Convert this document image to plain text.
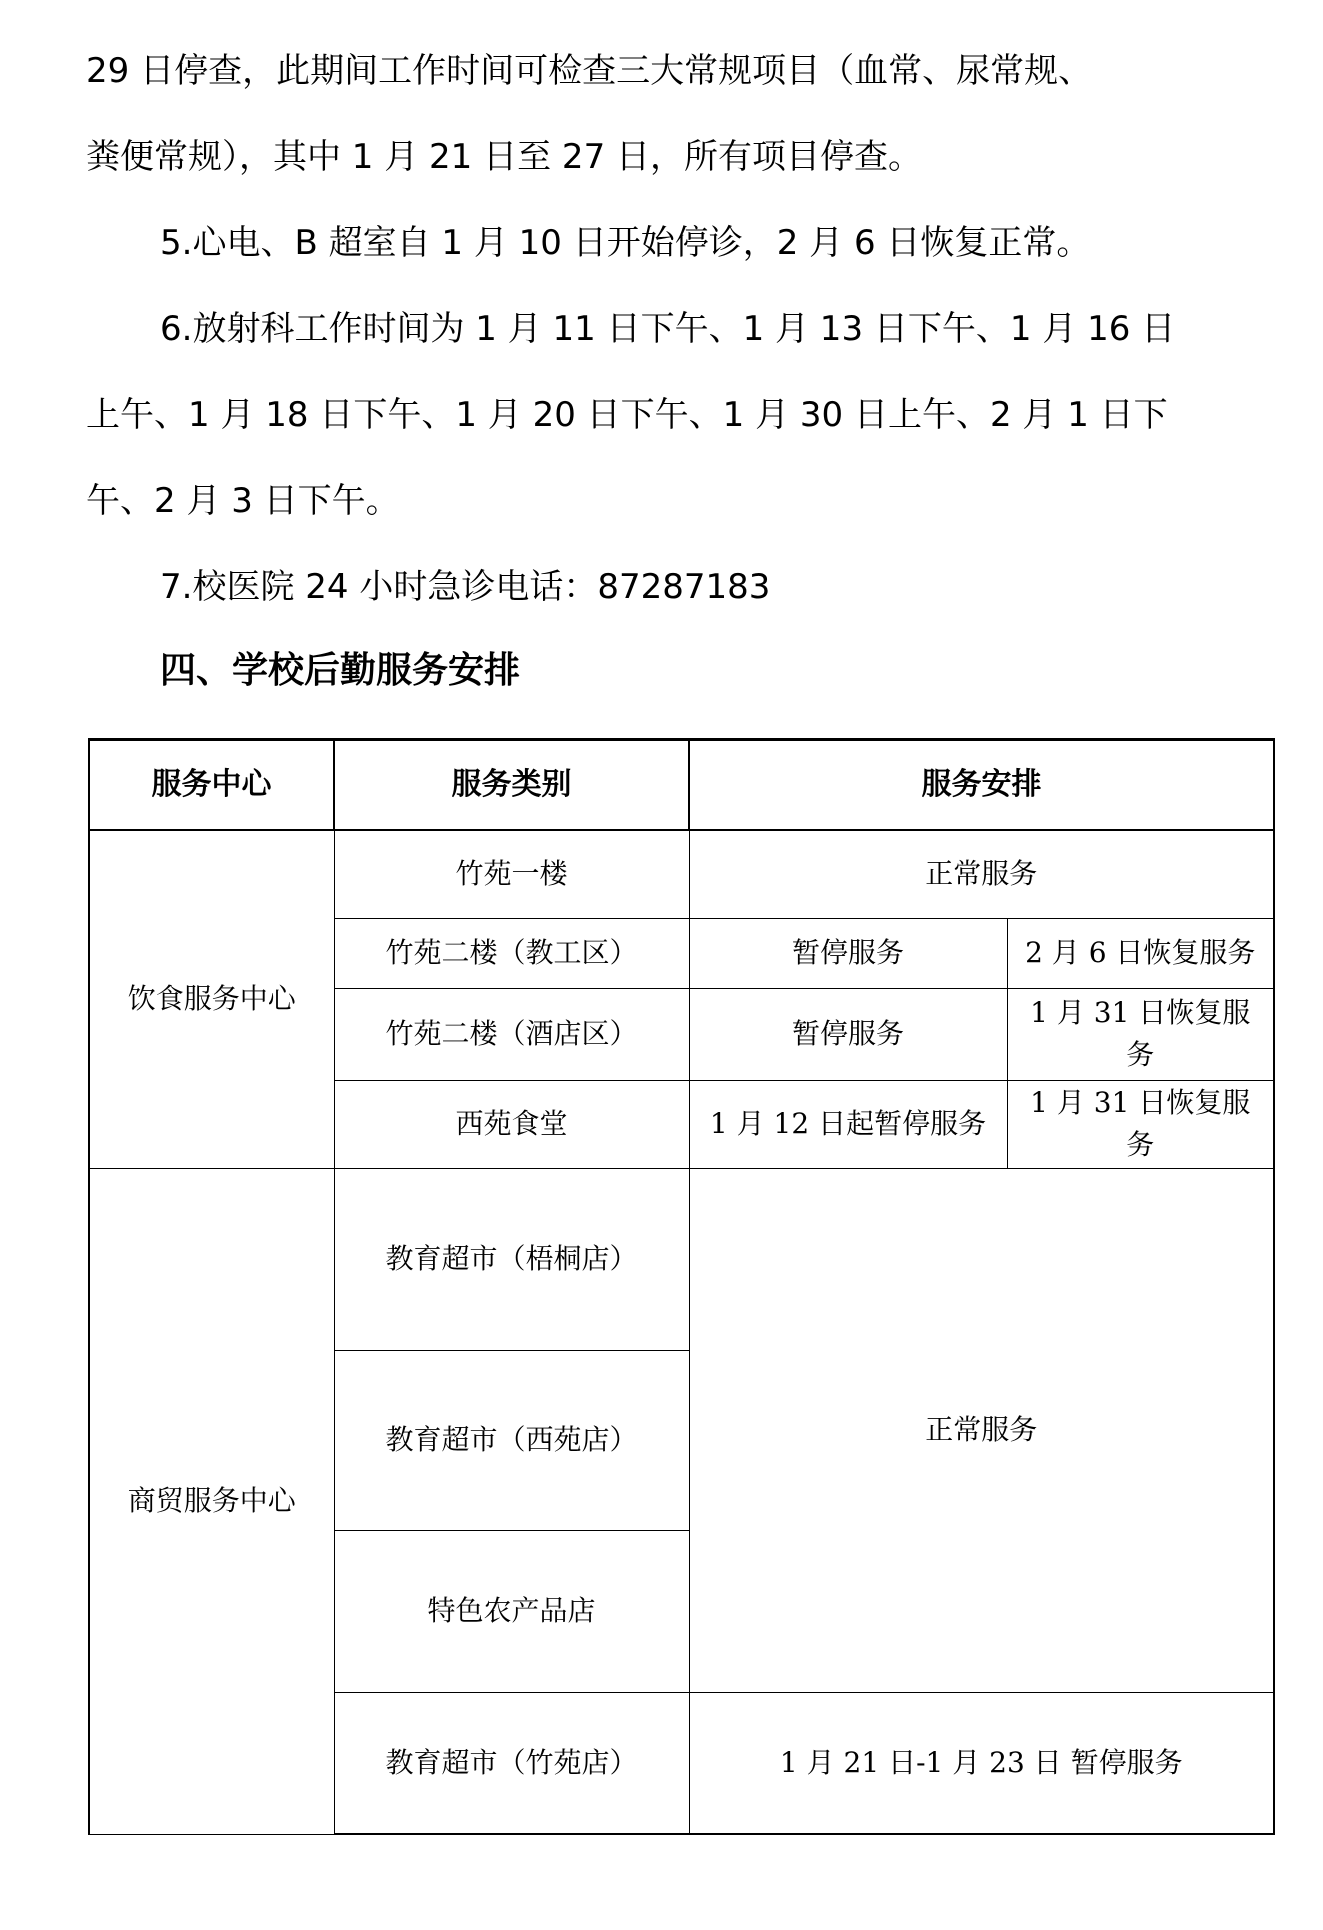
29 日停查，此期间工作时间可检查三大常规项目（血常、尿常规、

粪便常规），其中 1 月 21 日至 27 日，所有项目停查。

5.心电、B 超室自 1 月 10 日开始停诊，2 月 6 日恢复正常。

6.放射科工作时间为 1 月 11 日下午、1 月 13 日下午、1 月 16 日

上午、1 月 18 日下午、1 月 20 日下午、1 月 30 日上午、2 月 1 日下

午、2 月 3 日下午。

7.校医院 24 小时急诊电话：87287183

四、学校后勤服务安排
服务中心	服务类别	服务安排	
饮食服务中心	竹苑一楼	正常服务	
	竹苑二楼（教工区）	暂停服务	2 月 6 日恢复服务
	竹苑二楼（酒店区）	暂停服务	1 月 31 日恢复服务
	西苑食堂	1 月 12 日起暂停服务	1 月 31 日恢复服务
商贸服务中心	教育超市（梧桐店）	正常服务	
	教育超市（西苑店）		
	特色农产品店		
	教育超市（竹苑店）	1 月 21 日-1 月 23 日 暂停服务	
